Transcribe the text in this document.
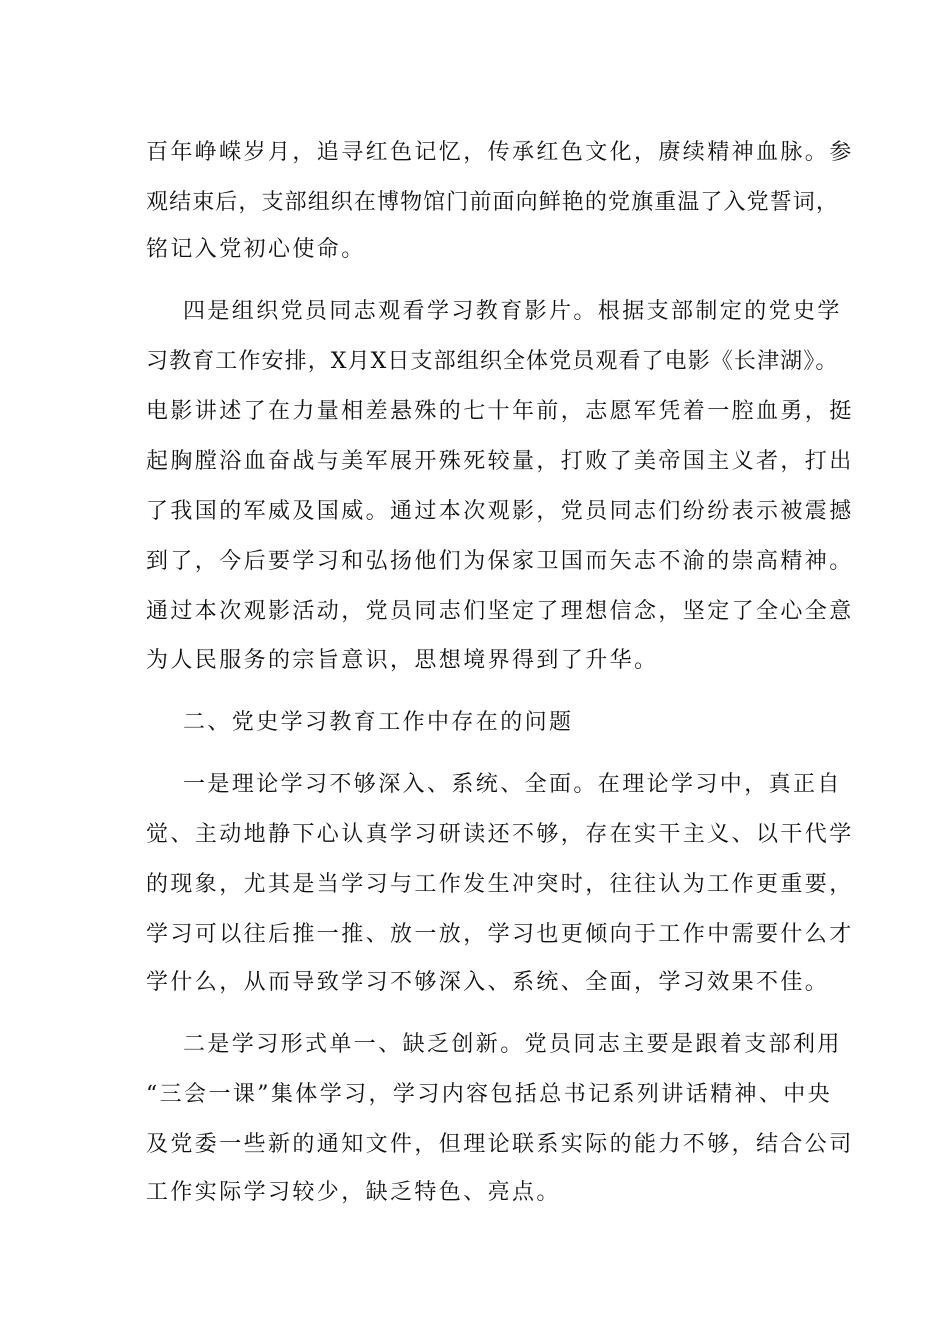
百年峥嵘岁月，追寻红色记忆，传承红色文化，赓续精神血脉。参
观结束后，支部组织在博物馆门前面向鲜艳的党旗重温了入党誓词，
铭记入党初心使命。
四是组织党员同志观看学习教育影片。根据支部制定的党史学
习教育工作安排，X月X日支部组织全体党员观看了电影《长津湖》。
电影讲述了在力量相差悬殊的七十年前，志愿军凭着一腔血勇，挺
起胸膛浴血奋战与美军展开殊死较量，打败了美帝国主义者，打出
了我国的军威及国威。通过本次观影，党员同志们纷纷表示被震撼
到了，今后要学习和弘扬他们为保家卫国而矢志不渝的崇高精神。
通过本次观影活动，党员同志们坚定了理想信念，坚定了全心全意
为人民服务的宗旨意识，思想境界得到了升华。
二、党史学习教育工作中存在的问题
一是理论学习不够深入、系统、全面。在理论学习中，真正自
觉、主动地静下心认真学习研读还不够，存在实干主义、以干代学
的现象，尤其是当学习与工作发生冲突时，往往认为工作更重要，
学习可以往后推一推、放一放，学习也更倾向于工作中需要什么才
学什么，从而导致学习不够深入、系统、全面，学习效果不佳。
二是学习形式单一、缺乏创新。党员同志主要是跟着支部利用
“三会一课”集体学习，学习内容包括总书记系列讲话精神、中央
及党委一些新的通知文件，但理论联系实际的能力不够，结合公司
工作实际学习较少，缺乏特色、亮点。
